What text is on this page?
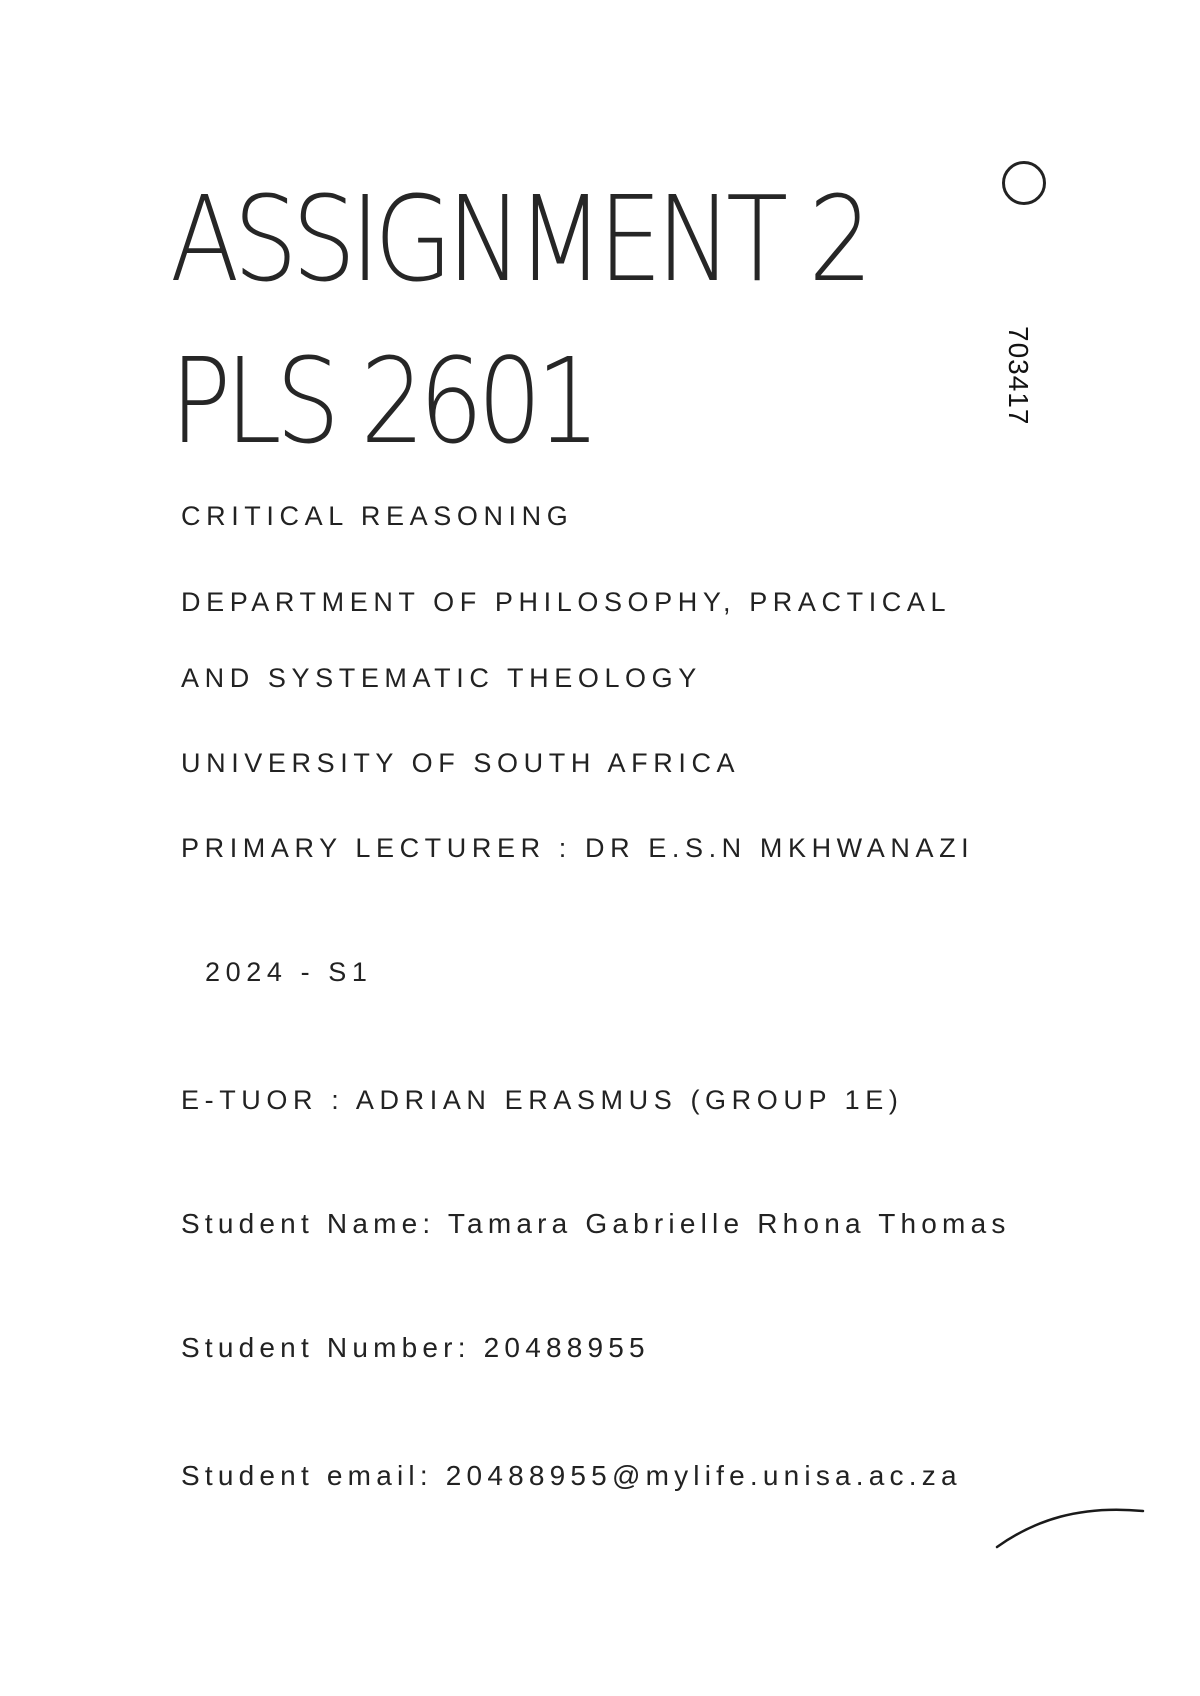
ASSIGNMENT 2
PLS 2601	703417
CRITICAL REASONING
DEPARTMENT OF PHILOSOPHY, PRACTICAL
AND SYSTEMATIC THEOLOGY
UNIVERSITY OF SOUTH AFRICA
PRIMARY LECTURER : DR E.S.N MKHWANAZI
2024 - S1
E-TUOR : ADRIAN ERASMUS (GROUP 1E)
Student Name: Tamara Gabrielle Rhona Thomas
Student Number: 20488955
Student email: 20488955@mylife.unisa.ac.za
